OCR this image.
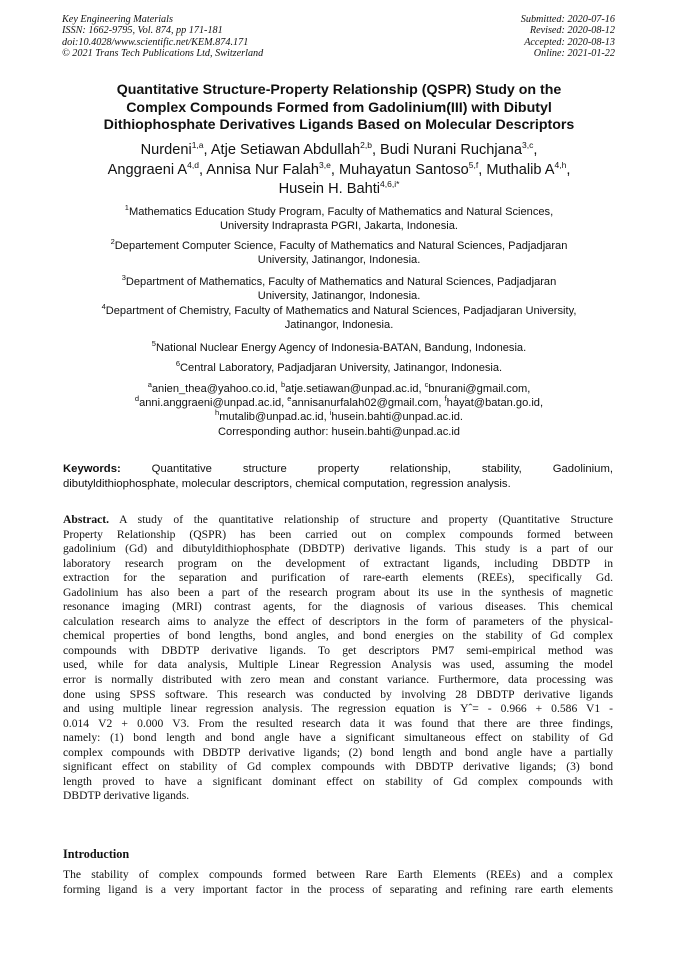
Key Engineering Materials
ISSN: 1662-9795, Vol. 874, pp 171-181
doi:10.4028/www.scientific.net/KEM.874.171
© 2021 Trans Tech Publications Ltd, Switzerland
Submitted: 2020-07-16
Revised: 2020-08-12
Accepted: 2020-08-13
Online: 2021-01-22
Quantitative Structure-Property Relationship (QSPR) Study on the
Complex Compounds Formed from Gadolinium(III) with Dibutyl
Dithiophosphate Derivatives Ligands Based on Molecular Descriptors
Nurdeni$^{1,a}$, Atje Setiawan Abdullah$^{2,b}$, Budi Nurani Ruchjana$^{3,c}$,
Anggraeni A$^{4,d}$, Annisa Nur Falah$^{3,e}$, Muhayatun Santoso$^{5,f}$, Muthalib A$^{4,h}$,
Husein H. Bahti$^{4,6,i*}$
$^1$Mathematics Education Study Program, Faculty of Mathematics and Natural Sciences,
University Indraprasta PGRI, Jakarta, Indonesia.
$^2$Departement Computer Science, Faculty of Mathematics and Natural Sciences, Padjadjaran
University, Jatinangor, Indonesia.
$^3$Department of Mathematics, Faculty of Mathematics and Natural Sciences, Padjadjaran
University, Jatinangor, Indonesia.
$^4$Department of Chemistry, Faculty of Mathematics and Natural Sciences, Padjadjaran University,
Jatinangor, Indonesia.
$^5$National Nuclear Energy Agency of Indonesia-BATAN, Bandung, Indonesia.
$^6$Central Laboratory, Padjadjaran University, Jatinangor, Indonesia.
$^a$anien_thea@yahoo.co.id, $^b$atje.setiawan@unpad.ac.id, $^c$bnurani@gmail.com,
$^d$anni.anggraeni@unpad.ac.id, $^e$annisanurfalah02@gmail.com, $^f$hayat@batan.go.id,
$^h$mutalib@unpad.ac.id, $^i$husein.bahti@unpad.ac.id.
Corresponding author: husein.bahti@unpad.ac.id
Keywords:	Quantitative	structure	property	relationship,	stability,	Gadolinium,
dibutyldithiophosphate, molecular descriptors, chemical computation, regression analysis.
Abstract. A study of the quantitative relationship of structure and property (Quantitative Structure
Property Relationship (QSPR) has been carried out on complex compounds formed between
gadolinium (Gd) and dibutyldithiophosphate (DBDTP) derivative ligands. This study is a part of our
laboratory research program on the development of extractant ligands, including DBDTP in
extraction for the separation and purification of rare-earth elements (REEs), specifically Gd.
Gadolinium has also been a part of the research program about its use in the synthesis of magnetic
resonance imaging (MRI) contrast agents, for the diagnosis of various diseases. This chemical
calculation research aims to analyze the effect of descriptors in the form of parameters of the physical-
chemical properties of bond lengths, bond angles, and bond energies on the stability of Gd complex
compounds with DBDTP derivative ligands. To get descriptors PM7 semi-empirical method was
used, while for data analysis, Multiple Linear Regression Analysis was used, assuming the model
error is normally distributed with zero mean and constant variance. Furthermore, data processing was
done using SPSS software. This research was conducted by involving 28 DBDTP derivative ligands
and using multiple linear regression analysis. The regression equation is Yˆ= - 0.966 + 0.586 V1 -
0.014 V2 + 0.000 V3. From the resulted research data it was found that there are three findings,
namely: (1) bond length and bond angle have a significant simultaneous effect on stability of Gd
complex compounds with DBDTP derivative ligands; (2) bond length and bond angle have a partially
significant effect on stability of Gd complex compounds with DBDTP derivative ligands; (3) bond
length proved to have a significant dominant effect on stability of Gd complex compounds with
DBDTP derivative ligands.
Introduction
The stability of complex compounds formed between Rare Earth Elements (REEs) and a complex
forming ligand is a very important factor in the process of separating and refining rare earth elements
